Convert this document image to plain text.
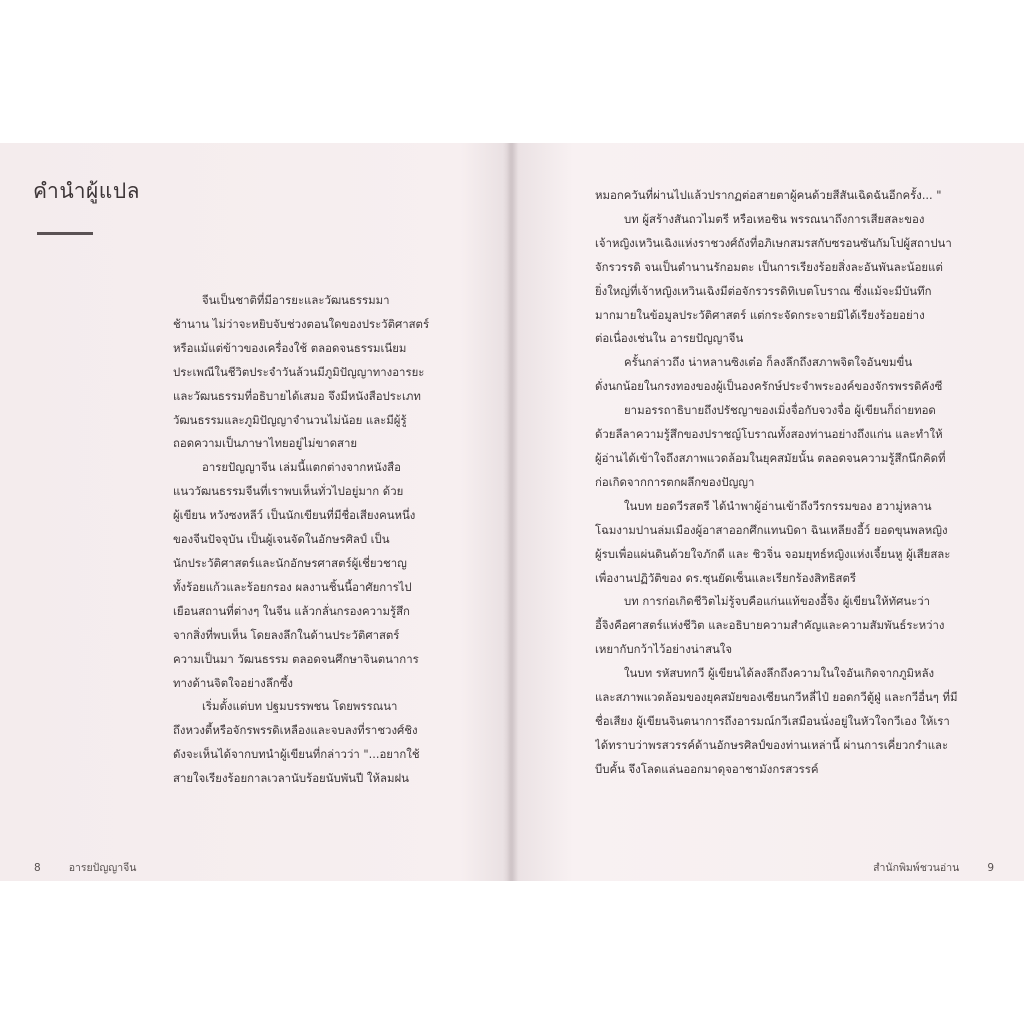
คำนำผู้แปล

จีนเป็นชาติที่มีอารยะและวัฒนธรรมมา

ช้านาน ไม่ว่าจะหยิบจับช่วงตอนใดของประวัติศาสตร์

หรือแม้แต่ข้าวของเครื่องใช้ ตลอดจนธรรมเนียม

ประเพณีในชีวิตประจำวันล้วนมีภูมิปัญญาทางอารยะ

และวัฒนธรรมที่อธิบายได้เสมอ จึงมีหนังสือประเภท

วัฒนธรรมและภูมิปัญญาจำนวนไม่น้อย และมีผู้รู้

ถอดความเป็นภาษาไทยอยู่ไม่ขาดสาย

อารยปัญญาจีน เล่มนี้แตกต่างจากหนังสือ

แนววัฒนธรรมจีนที่เราพบเห็นทั่วไปอยู่มาก ด้วย

ผู้เขียน หวังซงหลีว์ เป็นนักเขียนที่มีชื่อเสียงคนหนึ่ง

ของจีนปัจจุบัน เป็นผู้เจนจัดในอักษรศิลป์ เป็น

นักประวัติศาสตร์และนักอักษรศาสตร์ผู้เชี่ยวชาญ

ทั้งร้อยแก้วและร้อยกรอง ผลงานชิ้นนี้อาศัยการไป

เยือนสถานที่ต่างๆ ในจีน แล้วกลั่นกรองความรู้สึก

จากสิ่งที่พบเห็น โดยลงลึกในด้านประวัติศาสตร์

ความเป็นมา วัฒนธรรม ตลอดจนศึกษาจินตนาการ

ทางด้านจิตใจอย่างลึกซึ้ง

เริ่มตั้งแต่บท ปฐมบรรพชน โดยพรรณนา

ถึงหวงตี้หรือจักรพรรดิเหลืองและจบลงที่ราชวงศ์ชิง

ดังจะเห็นได้จากบทนำผู้เขียนที่กล่าวว่า "...อยากใช้

สายใจเรียงร้อยกาลเวลานับร้อยนับพันปี ให้ลมฝน

8	อารยปัญญาจีน

หมอกควันที่ผ่านไปแล้วปรากฏต่อสายตาผู้คนด้วยสีสันเฉิดฉันอีกครั้ง... "

บท ผู้สร้างสันถวไมตรี หรือเหอชิน พรรณนาถึงการเสียสละของ

เจ้าหญิงเหวินเฉิงแห่งราชวงศ์ถังที่อภิเษกสมรสกับซรอนซันกัมโปผู้สถาปนา

จักรวรรดิ จนเป็นตำนานรักอมตะ เป็นการเรียงร้อยสิ่งละอันพันละน้อยแต่

ยิ่งใหญ่ที่เจ้าหญิงเหวินเฉิงมีต่อจักรวรรดิทิเบตโบราณ ซึ่งแม้จะมีบันทึก

มากมายในข้อมูลประวัติศาสตร์ แต่กระจัดกระจายมิได้เรียงร้อยอย่าง

ต่อเนื่องเช่นใน อารยปัญญาจีน

ครั้นกล่าวถึง น่าหลานซิงเต๋อ ก็ลงลึกถึงสภาพจิตใจอันขมขื่น

ดั่งนกน้อยในกรงทองของผู้เป็นองครักษ์ประจำพระองค์ของจักรพรรดิคังซี

ยามอรรถาธิบายถึงปรัชญาของเมิ่งจื่อกับจวงจื่อ ผู้เขียนก็ถ่ายทอด

ด้วยลีลาความรู้สึกของปราชญ์โบราณทั้งสองท่านอย่างถึงแก่น และทำให้

ผู้อ่านได้เข้าใจถึงสภาพแวดล้อมในยุคสมัยนั้น ตลอดจนความรู้สึกนึกคิดที่

ก่อเกิดจากการตกผลึกของปัญญา

ในบท ยอดวีรสตรี ได้นำพาผู้อ่านเข้าถึงวีรกรรมของ ฮวามู่หลาน

โฉมงามปานล่มเมืองผู้อาสาออกศึกแทนบิดา ฉินเหลียงอี้ว์ ยอดขุนพลหญิง

ผู้รบเพื่อแผ่นดินด้วยใจภักดี และ ชิวจิ่น จอมยุทธ์หญิงแห่งเจี้ยนหู ผู้เสียสละ

เพื่องานปฏิวัติของ ดร.ซุนยัดเซ็นและเรียกร้องสิทธิสตรี

บท การก่อเกิดชีวิตไม่รู้จบคือแก่นแท้ของอี้จิง ผู้เขียนให้ทัศนะว่า

อี้จิงคือศาสตร์แห่งชีวิต และอธิบายความสำคัญและความสัมพันธ์ระหว่าง

เหยากับกว้าไว้อย่างน่าสนใจ

ในบท รหัสบทกวี ผู้เขียนได้ลงลึกถึงความในใจอันเกิดจากภูมิหลัง

และสภาพแวดล้อมของยุคสมัยของเซียนกวีหลี่ไป๋ ยอดกวีตู้ฝู่ และกวีอื่นๆ ที่มี

ชื่อเสียง ผู้เขียนจินตนาการถึงอารมณ์กวีเสมือนนั่งอยู่ในหัวใจกวีเอง ให้เรา

ได้ทราบว่าพรสวรรค์ด้านอักษรศิลป์ของท่านเหล่านี้ ผ่านการเคี่ยวกรำและ

บีบคั้น จึงโลดแล่นออกมาดุจอาชามังกรสวรรค์

สำนักพิมพ์ชวนอ่าน	9
